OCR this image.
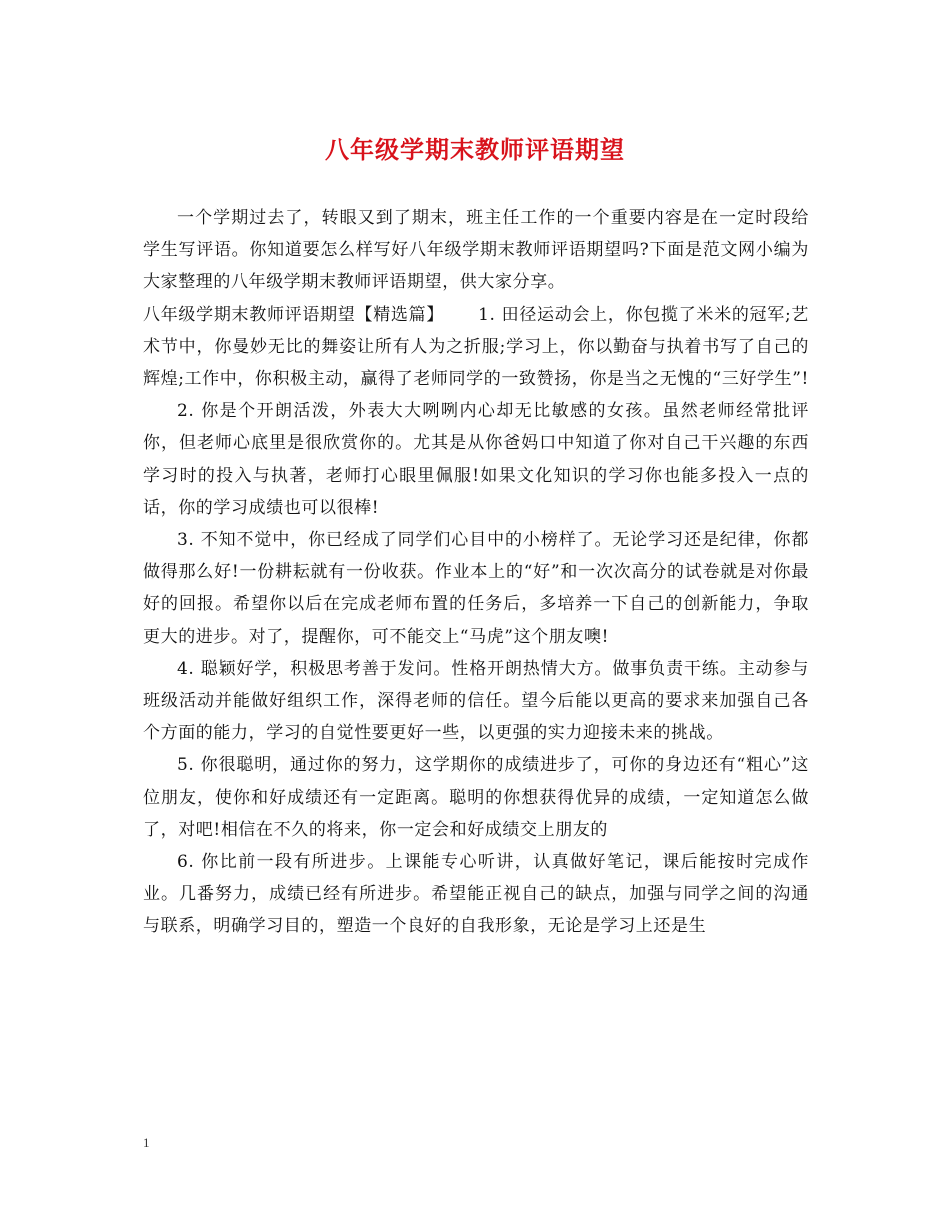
八年级学期末教师评语期望

一个学期过去了，转眼又到了期末，班主任工作的一个重要内容是在一定时段给学生写评语。你知道要怎么样写好八年级学期末教师评语期望吗?下面是范文网小编为大家整理的八年级学期末教师评语期望，供大家分享。

八年级学期末教师评语期望【精选篇】 1. 田径运动会上，你包揽了米米的冠军;艺术节中，你曼妙无比的舞姿让所有人为之折服;学习上，你以勤奋与执着书写了自己的辉煌;工作中，你积极主动，赢得了老师同学的一致赞扬，你是当之无愧的“三好学生”!

2. 你是个开朗活泼，外表大大咧咧内心却无比敏感的女孩。虽然老师经常批评你，但老师心底里是很欣赏你的。尤其是从你爸妈口中知道了你对自己干兴趣的东西学习时的投入与执著，老师打心眼里佩服!如果文化知识的学习你也能多投入一点的话，你的学习成绩也可以很棒!

3. 不知不觉中，你已经成了同学们心目中的小榜样了。无论学习还是纪律，你都做得那么好!一份耕耘就有一份收获。作业本上的“好”和一次次高分的试卷就是对你最好的回报。希望你以后在完成老师布置的任务后，多培养一下自己的创新能力，争取更大的进步。对了，提醒你，可不能交上“马虎”这个朋友噢!

4. 聪颖好学，积极思考善于发问。性格开朗热情大方。做事负责干练。主动参与班级活动并能做好组织工作，深得老师的信任。望今后能以更高的要求来加强自己各个方面的能力，学习的自觉性要更好一些，以更强的实力迎接未来的挑战。

5. 你很聪明，通过你的努力，这学期你的成绩进步了，可你的身边还有“粗心”这位朋友，使你和好成绩还有一定距离。聪明的你想获得优异的成绩，一定知道怎么做了，对吧!相信在不久的将来，你一定会和好成绩交上朋友的

6. 你比前一段有所进步。上课能专心听讲，认真做好笔记，课后能按时完成作业。几番努力，成绩已经有所进步。希望能正视自己的缺点，加强与同学之间的沟通与联系，明确学习目的，塑造一个良好的自我形象，无论是学习上还是生

1
